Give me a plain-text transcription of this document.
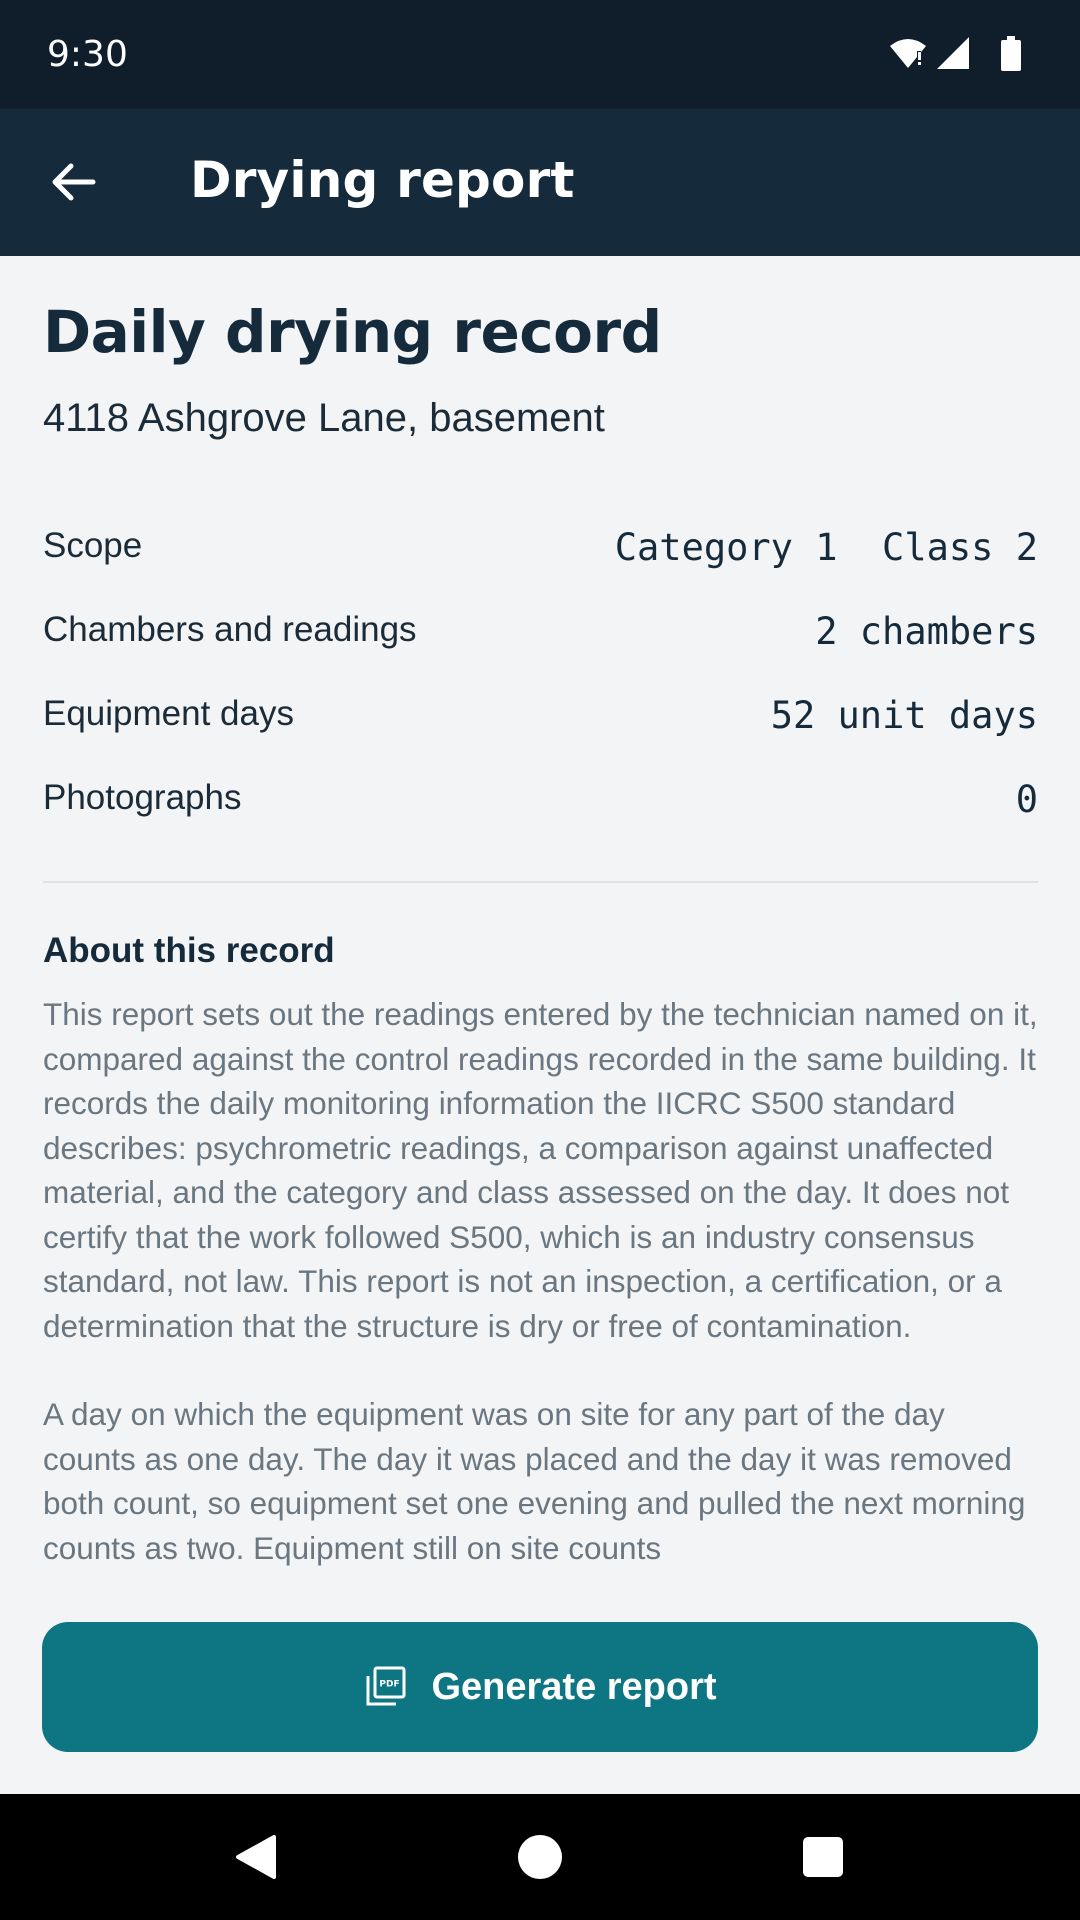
9:30
Drying report
Daily drying record
4118 Ashgrove Lane, basement
Scope	Category 1  Class 2
Chambers and readings	2 chambers
Equipment days	52 unit days
Photographs	0
About this record

This report sets out the readings entered by the technician named on it, compared against the control readings recorded in the same building. It records the daily monitoring information the IICRC S500 standard describes: psychrometric readings, a comparison against unaffected material, and the category and class assessed on the day. It does not certify that the work followed S500, which is an industry consensus standard, not law. This report is not an inspection, a certification, or a determination that the structure is dry or free of contamination.

A day on which the equipment was on site for any part of the day counts as one day. The day it was placed and the day it was removed both count, so equipment set one evening and pulled the next morning counts as two. Equipment still on site counts

PDF Generate report
